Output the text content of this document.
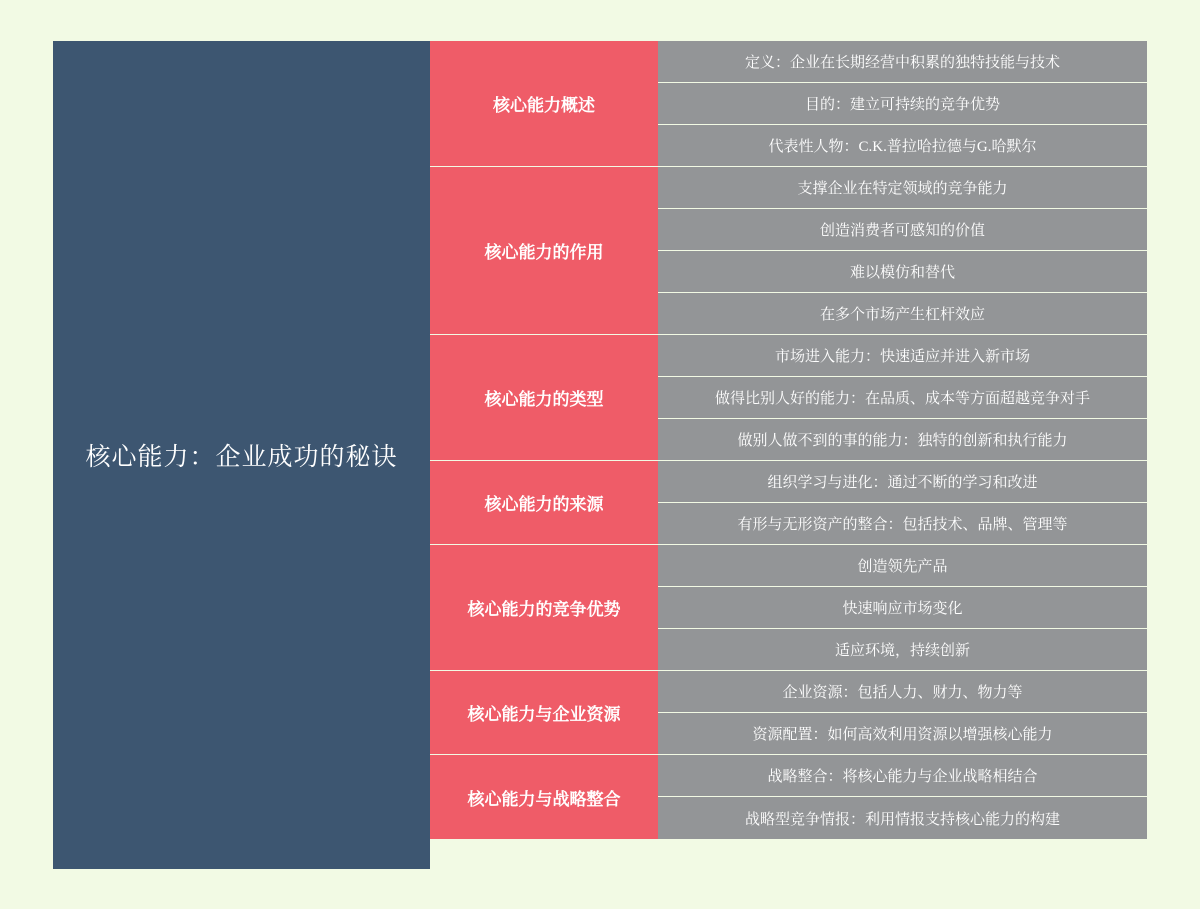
核心能力：企业成功的秘诀
核心能力概述
定义：企业在长期经营中积累的独特技能与技术
目的：建立可持续的竞争优势
代表性人物：C.K.普拉哈拉德与G.哈默尔
核心能力的作用
支撑企业在特定领域的竞争能力
创造消费者可感知的价值
难以模仿和替代
在多个市场产生杠杆效应
核心能力的类型
市场进入能力：快速适应并进入新市场
做得比别人好的能力：在品质、成本等方面超越竞争对手
做别人做不到的事的能力：独特的创新和执行能力
核心能力的来源
组织学习与进化：通过不断的学习和改进
有形与无形资产的整合：包括技术、品牌、管理等
核心能力的竞争优势
创造领先产品
快速响应市场变化
适应环境，持续创新
核心能力与企业资源
企业资源：包括人力、财力、物力等
资源配置：如何高效利用资源以增强核心能力
核心能力与战略整合
战略整合：将核心能力与企业战略相结合
战略型竞争情报：利用情报支持核心能力的构建
